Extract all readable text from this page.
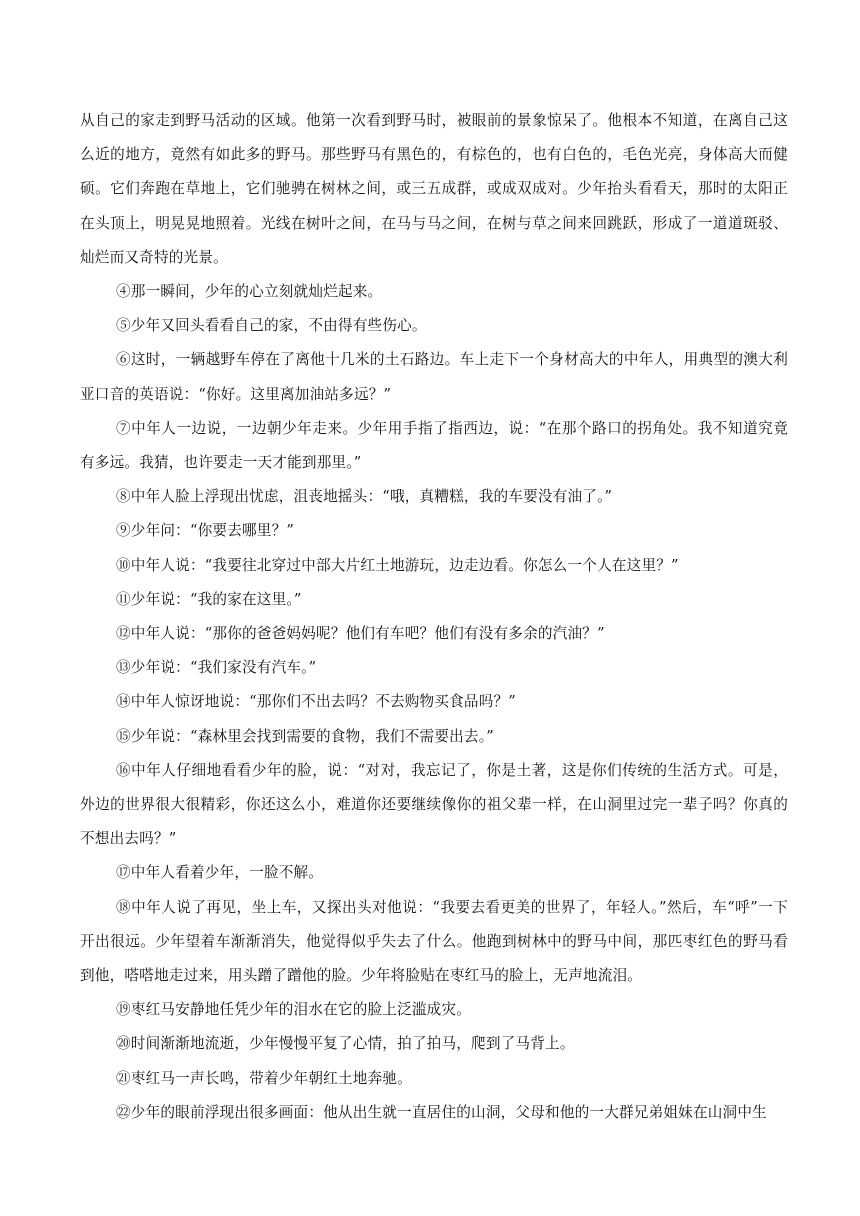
从自己的家走到野马活动的区域。他第一次看到野马时，被眼前的景象惊呆了。他根本不知道，在离自己这么近的地方，竟然有如此多的野马。那些野马有黑色的，有棕色的，也有白色的，毛色光亮，身体高大而健硕。它们奔跑在草地上，它们驰骋在树林之间，或三五成群，或成双成对。少年抬头看看天，那时的太阳正在头顶上，明晃晃地照着。光线在树叶之间，在马与马之间，在树与草之间来回跳跃，形成了一道道斑驳、灿烂而又奇特的光景。

④那一瞬间，少年的心立刻就灿烂起来。

⑤少年又回头看看自己的家，不由得有些伤心。

⑥这时，一辆越野车停在了离他十几米的土石路边。车上走下一个身材高大的中年人，用典型的澳大利亚口音的英语说：“你好。这里离加油站多远？”

⑦中年人一边说，一边朝少年走来。少年用手指了指西边，说：“在那个路口的拐角处。我不知道究竟有多远。我猜，也许要走一天才能到那里。”

⑧中年人脸上浮现出忧虑，沮丧地摇头：“哦，真糟糕，我的车要没有油了。”

⑨少年问：“你要去哪里？”

⑩中年人说：“我要往北穿过中部大片红土地游玩，边走边看。你怎么一个人在这里？”

⑪少年说：“我的家在这里。”

⑫中年人说：“那你的爸爸妈妈呢？他们有车吧？他们有没有多余的汽油？”

⑬少年说：“我们家没有汽车。”

⑭中年人惊讶地说：“那你们不出去吗？不去购物买食品吗？”

⑮少年说：“森林里会找到需要的食物，我们不需要出去。”

⑯中年人仔细地看看少年的脸，说：“对对，我忘记了，你是土著，这是你们传统的生活方式。可是，外边的世界很大很精彩，你还这么小，难道你还要继续像你的祖父辈一样，在山洞里过完一辈子吗？你真的不想出去吗？”

⑰中年人看着少年，一脸不解。

⑱中年人说了再见，坐上车，又探出头对他说：“我要去看更美的世界了，年轻人。”然后，车“呼”一下开出很远。少年望着车渐渐消失，他觉得似乎失去了什么。他跑到树林中的野马中间，那匹枣红色的野马看到他，嗒嗒地走过来，用头蹭了蹭他的脸。少年将脸贴在枣红马的脸上，无声地流泪。

⑲枣红马安静地任凭少年的泪水在它的脸上泛滥成灾。

⑳时间渐渐地流逝，少年慢慢平复了心情，拍了拍马，爬到了马背上。

㉑枣红马一声长鸣，带着少年朝红土地奔驰。

㉒少年的眼前浮现出很多画面：他从出生就一直居住的山洞，父母和他的一大群兄弟姐妹在山洞中生
